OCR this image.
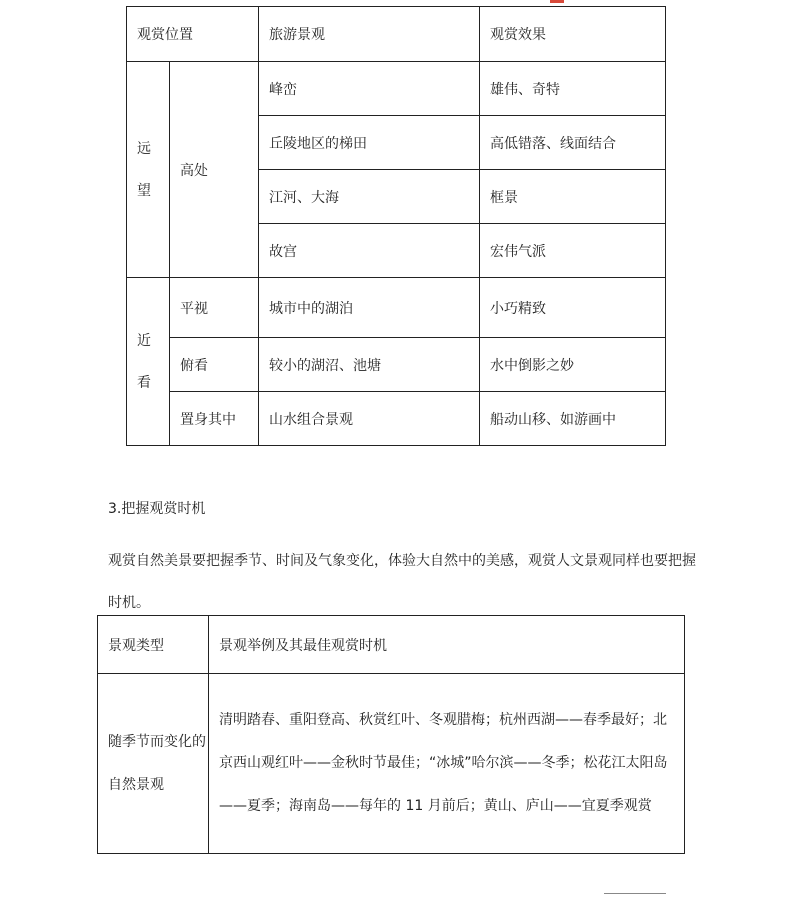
观赏位置		旅游景观	观赏效果

远
望	高处	峰峦	雄伟、奇特
		丘陵地区的梯田	高低错落、线面结合
		江河、大海	框景
		故宫	宏伟气派

近
看	平视	城市中的湖泊	小巧精致
	俯看	较小的湖沼、池塘	水中倒影之妙
	置身其中	山水组合景观	船动山移、如游画中
3.把握观赏时机
观赏自然美景要把握季节、时间及气象变化，体验大自然中的美感，观赏人文景观同样也要把握时机。
景观类型	景观举例及其最佳观赏时机
随季节而变化的自然景观	清明踏春、重阳登高、秋赏红叶、冬观腊梅；杭州西湖——春季最好；北京西山观红叶——金秋时节最佳；“冰城”哈尔滨——冬季；松花江太阳岛——夏季；海南岛——每年的 11 月前后；黄山、庐山——宜夏季观赏
